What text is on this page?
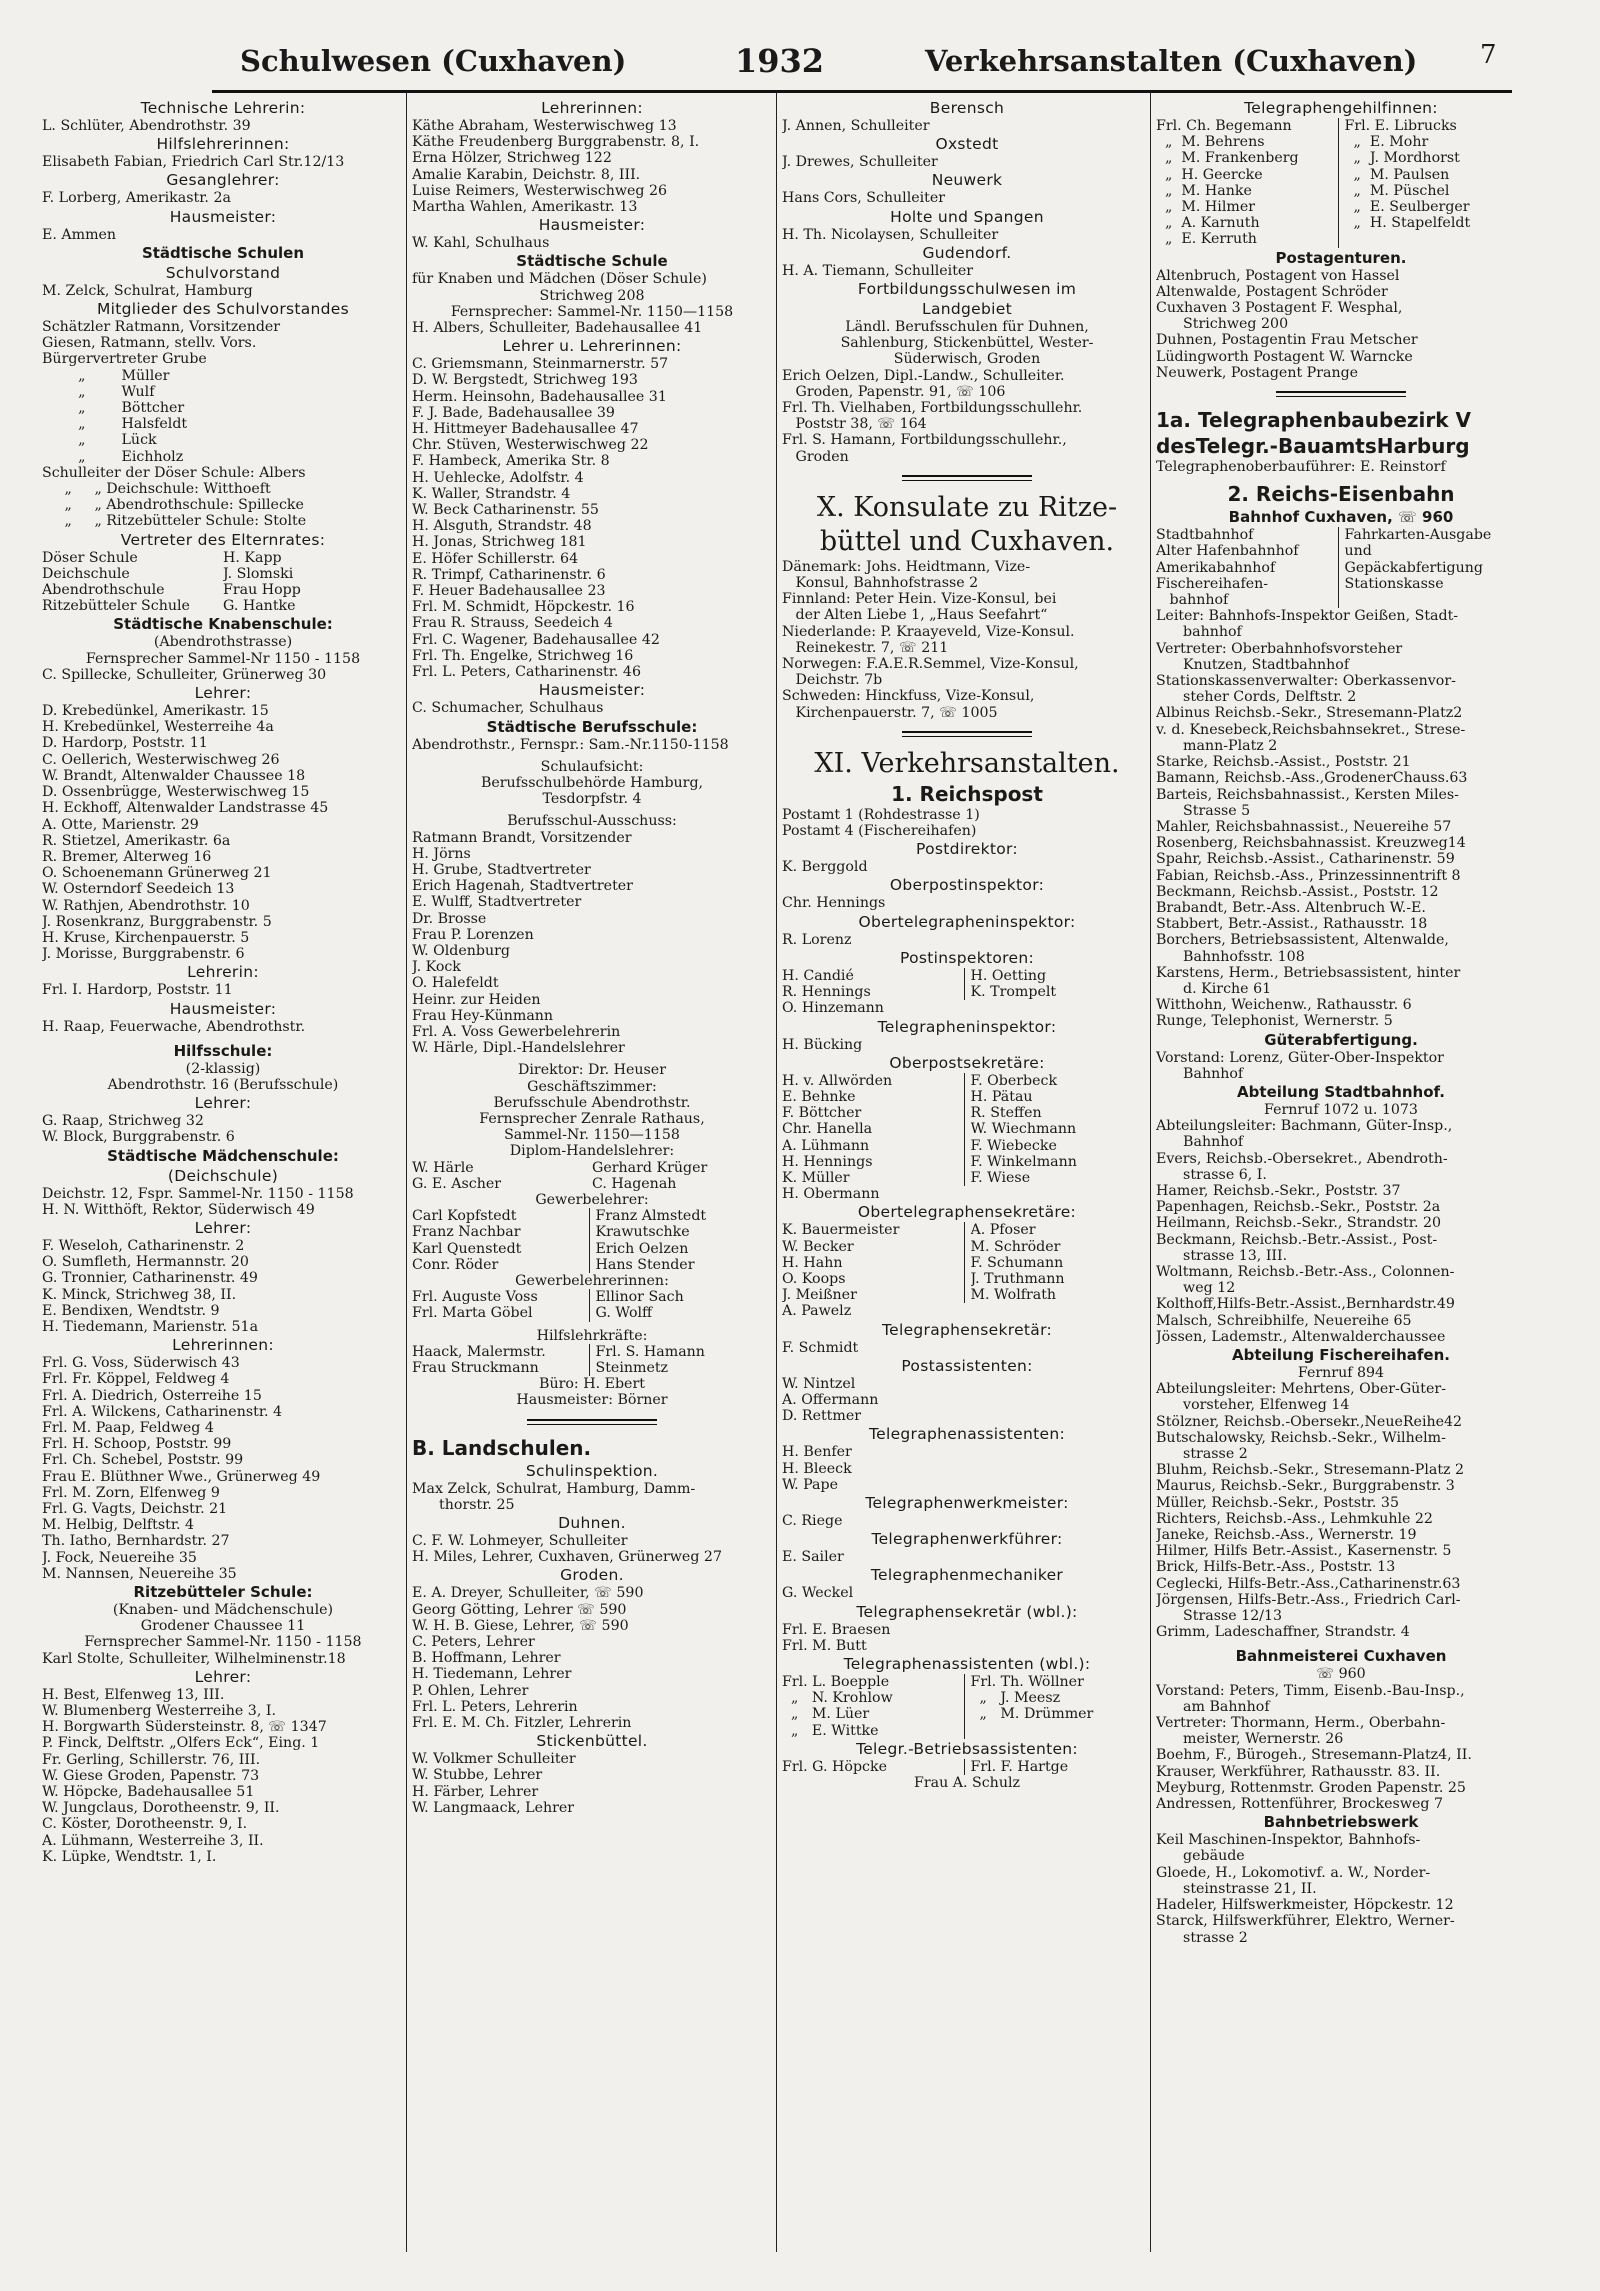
Schulwesen (Cuxhaven)	1932	Verkehrsanstalten (Cuxhaven) 7
Technische Lehrerin:
L. Schlüter, Abendrothstr. 39
Hilfslehrerinnen:
Elisabeth Fabian, Friedrich Carl Str.12/13
Gesanglehrer:
F. Lorberg, Amerikastr. 2a
Hausmeister:
E. Ammen
Städtische Schulen
Schulvorstand
M. Zelck, Schulrat, Hamburg
Mitglieder des Schulvorstandes
Schätzler Ratmann, Vorsitzender
Giesen, Ratmann, stellv. Vors.
Bürgervertreter Grube
„        Müller
„        Wulf
„        Böttcher
„        Halsfeldt
„        Lück
„        Eichholz
Schulleiter der Döser Schule: Albers
„     „ Deichschule: Witthoeft
„     „ Abendrothschule: Spillecke
„     „ Ritzebütteler Schule: Stolte
Vertreter des Elternrates:
Döser Schule	H. Kapp
Deichschule	J. Slomski
Abendrothschule	Frau Hopp
Ritzebütteler Schule	G. Hantke
Städtische Knabenschule:
(Abendrothstrasse)
Fernsprecher Sammel-Nr 1150 - 1158
C. Spillecke, Schulleiter, Grünerweg 30
Lehrer:
D. Krebedünkel, Amerikastr. 15
H. Krebedünkel, Westerreihe 4a
D. Hardorp, Poststr. 11
C. Oellerich, Westerwischweg 26
W. Brandt, Altenwalder Chaussee 18
D. Ossenbrügge, Westerwischweg 15
H. Eckhoff, Altenwalder Landstrasse 45
A. Otte, Marienstr. 29
R. Stietzel, Amerikastr. 6a
R. Bremer, Alterweg 16
O. Schoenemann Grünerweg 21
W. Osterndorf Seedeich 13
W. Rathjen, Abendrothstr. 10
J. Rosenkranz, Burggrabenstr. 5
H. Kruse, Kirchenpauerstr. 5
J. Morisse, Burggrabenstr. 6
Lehrerin:
Frl. I. Hardorp, Poststr. 11
Hausmeister:
H. Raap, Feuerwache, Abendrothstr.
Hilfsschule:
(2-klassig)
Abendrothstr. 16 (Berufsschule)
Lehrer:
G. Raap, Strichweg 32
W. Block, Burggrabenstr. 6
Städtische Mädchenschule:
(Deichschule)
Deichstr. 12, Fspr. Sammel-Nr. 1150 - 1158
H. N. Witthöft, Rektor, Süderwisch 49
Lehrer:
F. Weseloh, Catharinenstr. 2
O. Sumfleth, Hermannstr. 20
G. Tronnier, Catharinenstr. 49
K. Minck, Strichweg 38, II.
E. Bendixen, Wendtstr. 9
H. Tiedemann, Marienstr. 51a
Lehrerinnen:
Frl. G. Voss, Süderwisch 43
Frl. Fr. Köppel, Feldweg 4
Frl. A. Diedrich, Osterreihe 15
Frl. A. Wilckens, Catharinenstr. 4
Frl. M. Paap, Feldweg 4
Frl. H. Schoop, Poststr. 99
Frl. Ch. Schebel, Poststr. 99
Frau E. Blüthner Wwe., Grünerweg 49
Frl. M. Zorn, Elfenweg 9
Frl. G. Vagts, Deichstr. 21
M. Helbig, Delftstr. 4
Th. Iatho, Bernhardstr. 27
J. Fock, Neuereihe 35
M. Nannsen, Neuereihe 35
Ritzebütteler Schule:
(Knaben- und Mädchenschule)
Grodener Chaussee 11
Fernsprecher Sammel-Nr. 1150 - 1158
Karl Stolte, Schulleiter, Wilhelminenstr.18
Lehrer:
H. Best, Elfenweg 13, III.
W. Blumenberg Westerreihe 3, I.
H. Borgwarth Südersteinstr. 8, ☏ 1347
P. Finck, Delftstr. „Olfers Eck“, Eing. 1
Fr. Gerling, Schillerstr. 76, III.
W. Giese Groden, Papenstr. 73
W. Höpcke, Badehausallee 51
W. Jungclaus, Dorotheenstr. 9, II.
C. Köster, Dorotheenstr. 9, I.
A. Lühmann, Westerreihe 3, II.
K. Lüpke, Wendtstr. 1, I.
Lehrerinnen:
Käthe Abraham, Westerwischweg 13
Käthe Freudenberg Burggrabenstr. 8, I.
Erna Hölzer, Strichweg 122
Amalie Karabin, Deichstr. 8, III.
Luise Reimers, Westerwischweg 26
Martha Wahlen, Amerikastr. 13
Hausmeister:
W. Kahl, Schulhaus
Städtische Schule
für Knaben und Mädchen (Döser Schule)
Strichweg 208
Fernsprecher: Sammel-Nr. 1150—1158
H. Albers, Schulleiter, Badehausallee 41
Lehrer u. Lehrerinnen:
C. Griemsmann, Steinmarnerstr. 57
D. W. Bergstedt, Strichweg 193
Herm. Heinsohn, Badehausallee 31
F. J. Bade, Badehausallee 39
H. Hittmeyer Badehausallee 47
Chr. Stüven, Westerwischweg 22
F. Hambeck, Amerika Str. 8
H. Uehlecke, Adolfstr. 4
K. Waller, Strandstr. 4
W. Beck Catharinenstr. 55
H. Alsguth, Strandstr. 48
H. Jonas, Strichweg 181
E. Höfer Schillerstr. 64
R. Trimpf, Catharinenstr. 6
F. Heuer Badehausallee 23
Frl. M. Schmidt, Höpckestr. 16
Frau R. Strauss, Seedeich 4
Frl. C. Wagener, Badehausallee 42
Frl. Th. Engelke, Strichweg 16
Frl. L. Peters, Catharinenstr. 46
Hausmeister:
C. Schumacher, Schulhaus
Städtische Berufsschule:
Abendrothstr., Fernspr.: Sam.-Nr.1150-1158
Schulaufsicht:
Berufsschulbehörde Hamburg,
Tesdorpfstr. 4
Berufsschul-Ausschuss:
Ratmann Brandt, Vorsitzender
H. Jörns
H. Grube, Stadtvertreter
Erich Hagenah, Stadtvertreter
E. Wulff, Stadtvertreter
Dr. Brosse
Frau P. Lorenzen
W. Oldenburg
J. Kock
O. Halefeldt
Heinr. zur Heiden
Frau Hey-Künmann
Frl. A. Voss Gewerbelehrerin
W. Härle, Dipl.-Handelslehrer
Direktor: Dr. Heuser
Geschäftszimmer:
Berufsschule Abendrothstr.
Fernsprecher Zenrale Rathaus,
Sammel-Nr. 1150—1158
Diplom-Handelslehrer:
W. Härle	Gerhard Krüger
G. E. Ascher	C. Hagenah
Gewerbelehrer:
Carl Kopfstedt	Franz Almstedt
Franz Nachbar	Krawutschke
Karl Quenstedt	Erich Oelzen
Conr. Röder	Hans Stender
Gewerbelehrerinnen:
Frl. Auguste Voss	Ellinor Sach
Frl. Marta Göbel	G. Wolff
Hilfslehrkräfte:
Haack, Malermstr.	Frl. S. Hamann
Frau Struckmann	Steinmetz
Büro: H. Ebert
Hausmeister: Börner
B. Landschulen.
Schulinspektion.
Max Zelck, Schulrat, Hamburg, Damm-
thorstr. 25
Duhnen.
C. F. W. Lohmeyer, Schulleiter
H. Miles, Lehrer, Cuxhaven, Grünerweg 27
Groden.
E. A. Dreyer, Schulleiter, ☏ 590
Georg Götting, Lehrer ☏ 590
W. H. B. Giese, Lehrer, ☏ 590
C. Peters, Lehrer
B. Hoffmann, Lehrer
H. Tiedemann, Lehrer
P. Ohlen, Lehrer
Frl. L. Peters, Lehrerin
Frl. E. M. Ch. Fitzler, Lehrerin
Stickenbüttel.
W. Volkmer Schulleiter
W. Stubbe, Lehrer
H. Färber, Lehrer
W. Langmaack, Lehrer
Berensch
J. Annen, Schulleiter
Oxstedt
J. Drewes, Schulleiter
Neuwerk
Hans Cors, Schulleiter
Holte und Spangen
H. Th. Nicolaysen, Schulleiter
Gudendorf.
H. A. Tiemann, Schulleiter
Fortbildungsschulwesen im
Landgebiet
Ländl. Berufsschulen für Duhnen,
Sahlenburg, Stickenbüttel, Wester-
Süderwisch, Groden
Erich Oelzen, Dipl.-Landw., Schulleiter.
Groden, Papenstr. 91, ☏ 106
Frl. Th. Vielhaben, Fortbildungsschullehr.
Poststr 38, ☏ 164
Frl. S. Hamann, Fortbildungsschullehr.,
Groden
X. Konsulate zu Ritze-
büttel und Cuxhaven.
Dänemark: Johs. Heidtmann, Vize-
Konsul, Bahnhofstrasse 2
Finnland: Peter Hein. Vize-Konsul, bei
der Alten Liebe 1, „Haus Seefahrt“
Niederlande: P. Kraayeveld, Vize-Konsul.
Reinekestr. 7, ☏ 211
Norwegen: F.A.E.R.Semmel, Vize-Konsul,
Deichstr. 7b
Schweden: Hinckfuss, Vize-Konsul,
Kirchenpauerstr. 7, ☏ 1005
XI. Verkehrsanstalten.
1. Reichspost
Postamt 1 (Rohdestrasse 1)
Postamt 4 (Fischereihafen)
Postdirektor:
K. Berggold
Oberpostinspektor:
Chr. Hennings
Obertelegrapheninspektor:
R. Lorenz
Postinspektoren:
H. Candié	H. Oetting
R. Hennings	K. Trompelt
O. Hinzemann
Telegrapheninspektor:
H. Bücking
Oberpostsekretäre:
H. v. Allwörden	F. Oberbeck
E. Behnke	H. Pätau
F. Böttcher	R. Steffen
Chr. Hanella	W. Wiechmann
A. Lühmann	F. Wiebecke
H. Hennings	F. Winkelmann
K. Müller	F. Wiese
H. Obermann
Obertelegraphensekretäre:
K. Bauermeister	A. Pfoser
W. Becker	M. Schröder
H. Hahn	F. Schumann
O. Koops	J. Truthmann
J. Meißner	M. Wolfrath
A. Pawelz
Telegraphensekretär:
F. Schmidt
Postassistenten:
W. Nintzel
A. Offermann
D. Rettmer
Telegraphenassistenten:
H. Benfer
H. Bleeck
W. Pape
Telegraphenwerkmeister:
C. Riege
Telegraphenwerkführer:
E. Sailer
Telegraphenmechaniker
G. Weckel
Telegraphensekretär (wbl.):
Frl. E. Braesen
Frl. M. Butt
Telegraphenassistenten (wbl.):
Frl. L. Boepple	Frl. Th. Wöllner
„   N. Krohlow	„   J. Meesz
„   M. Lüer	„   M. Drümmer
„   E. Wittke
Telegr.-Betriebsassistenten:
Frl. G. Höpcke	Frl. F. Hartge
Frau A. Schulz
Telegraphengehilfinnen:
Frl. Ch. Begemann	Frl. E. Librucks
„  M. Behrens	„  E. Mohr
„  M. Frankenberg	„  J. Mordhorst
„  H. Geercke	„  M. Paulsen
„  M. Hanke	„  M. Püschel
„  M. Hilmer	„  E. Seulberger
„  A. Karnuth	„  H. Stapelfeldt
„  E. Kerruth
Postagenturen.
Altenbruch, Postagent von Hassel
Altenwalde, Postagent Schröder
Cuxhaven 3 Postagent F. Wesphal,
Strichweg 200
Duhnen, Postagentin Frau Metscher
Lüdingworth Postagent W. Warncke
Neuwerk, Postagent Prange
1a. Telegraphenbaubezirk V
desTelegr.-BauamtsHarburg
Telegraphenoberbauführer: E. Reinstorf
2. Reichs-Eisenbahn
Bahnhof Cuxhaven, ☏ 960
Stadtbahnhof	Fahrkarten-Ausgabe
Alter Hafenbahnhof	und
Amerikabahnhof	Gepäckabfertigung
Fischereihafen-	Stationskasse
bahnhof
Leiter: Bahnhofs-Inspektor Geißen, Stadt-
bahnhof
Vertreter: Oberbahnhofsvorsteher
Knutzen, Stadtbahnhof
Stationskassenverwalter: Oberkassenvor-
steher Cords, Delftstr. 2
Albinus Reichsb.-Sekr., Stresemann-Platz2
v. d. Knesebeck,Reichsbahnsekret., Strese-
mann-Platz 2
Starke, Reichsb.-Assist., Poststr. 21
Bamann, Reichsb.-Ass.,GrodenerChauss.63
Barteis, Reichsbahnassist., Kersten Miles-
Strasse 5
Mahler, Reichsbahnassist., Neuereihe 57
Rosenberg, Reichsbahnassist. Kreuzweg14
Spahr, Reichsb.-Assist., Catharinenstr. 59
Fabian, Reichsb.-Ass., Prinzessinnentrift 8
Beckmann, Reichsb.-Assist., Poststr. 12
Brabandt, Betr.-Ass. Altenbruch W.-E.
Stabbert, Betr.-Assist., Rathausstr. 18
Borchers, Betriebsassistent, Altenwalde,
Bahnhofsstr. 108
Karstens, Herm., Betriebsassistent, hinter
d. Kirche 61
Witthohn, Weichenw., Rathausstr. 6
Runge, Telephonist, Wernerstr. 5
Güterabfertigung.
Vorstand: Lorenz, Güter-Ober-Inspektor
Bahnhof
Abteilung Stadtbahnhof.
Fernruf 1072 u. 1073
Abteilungsleiter: Bachmann, Güter-Insp.,
Bahnhof
Evers, Reichsb.-Obersekret., Abendroth-
strasse 6, I.
Hamer, Reichsb.-Sekr., Poststr. 37
Papenhagen, Reichsb.-Sekr., Poststr. 2a
Heilmann, Reichsb.-Sekr., Strandstr. 20
Beckmann, Reichsb.-Betr.-Assist., Post-
strasse 13, III.
Woltmann, Reichsb.-Betr.-Ass., Colonnen-
weg 12
Kolthoff,Hilfs-Betr.-Assist.,Bernhardstr.49
Malsch, Schreibhilfe, Neuereihe 65
Jössen, Lademstr., Altenwalderchaussee
Abteilung Fischereihafen.
Fernruf 894
Abteilungsleiter: Mehrtens, Ober-Güter-
vorsteher, Elfenweg 14
Stölzner, Reichsb.-Obersekr.,NeueReihe42
Butschalowsky, Reichsb.-Sekr., Wilhelm-
strasse 2
Bluhm, Reichsb.-Sekr., Stresemann-Platz 2
Maurus, Reichsb.-Sekr., Burggrabenstr. 3
Müller, Reichsb.-Sekr., Poststr. 35
Richters, Reichsb.-Ass., Lehmkuhle 22
Janeke, Reichsb.-Ass., Wernerstr. 19
Hilmer, Hilfs Betr.-Assist., Kasernenstr. 5
Brick, Hilfs-Betr.-Ass., Poststr. 13
Ceglecki, Hilfs-Betr.-Ass.,Catharinenstr.63
Jörgensen, Hilfs-Betr.-Ass., Friedrich Carl-
Strasse 12/13
Grimm, Ladeschaffner, Strandstr. 4
Bahnmeisterei Cuxhaven
☏ 960
Vorstand: Peters, Timm, Eisenb.-Bau-Insp.,
am Bahnhof
Vertreter: Thormann, Herm., Oberbahn-
meister, Wernerstr. 26
Boehm, F., Bürogeh., Stresemann-Platz4, II.
Krauser, Werkführer, Rathausstr. 83. II.
Meyburg, Rottenmstr. Groden Papenstr. 25
Andressen, Rottenführer, Brockesweg 7
Bahnbetriebswerk
Keil Maschinen-Inspektor, Bahnhofs-
gebäude
Gloede, H., Lokomotivf. a. W., Norder-
steinstrasse 21, II.
Hadeler, Hilfswerkmeister, Höpckestr. 12
Starck, Hilfswerkführer, Elektro, Werner-
strasse 2
